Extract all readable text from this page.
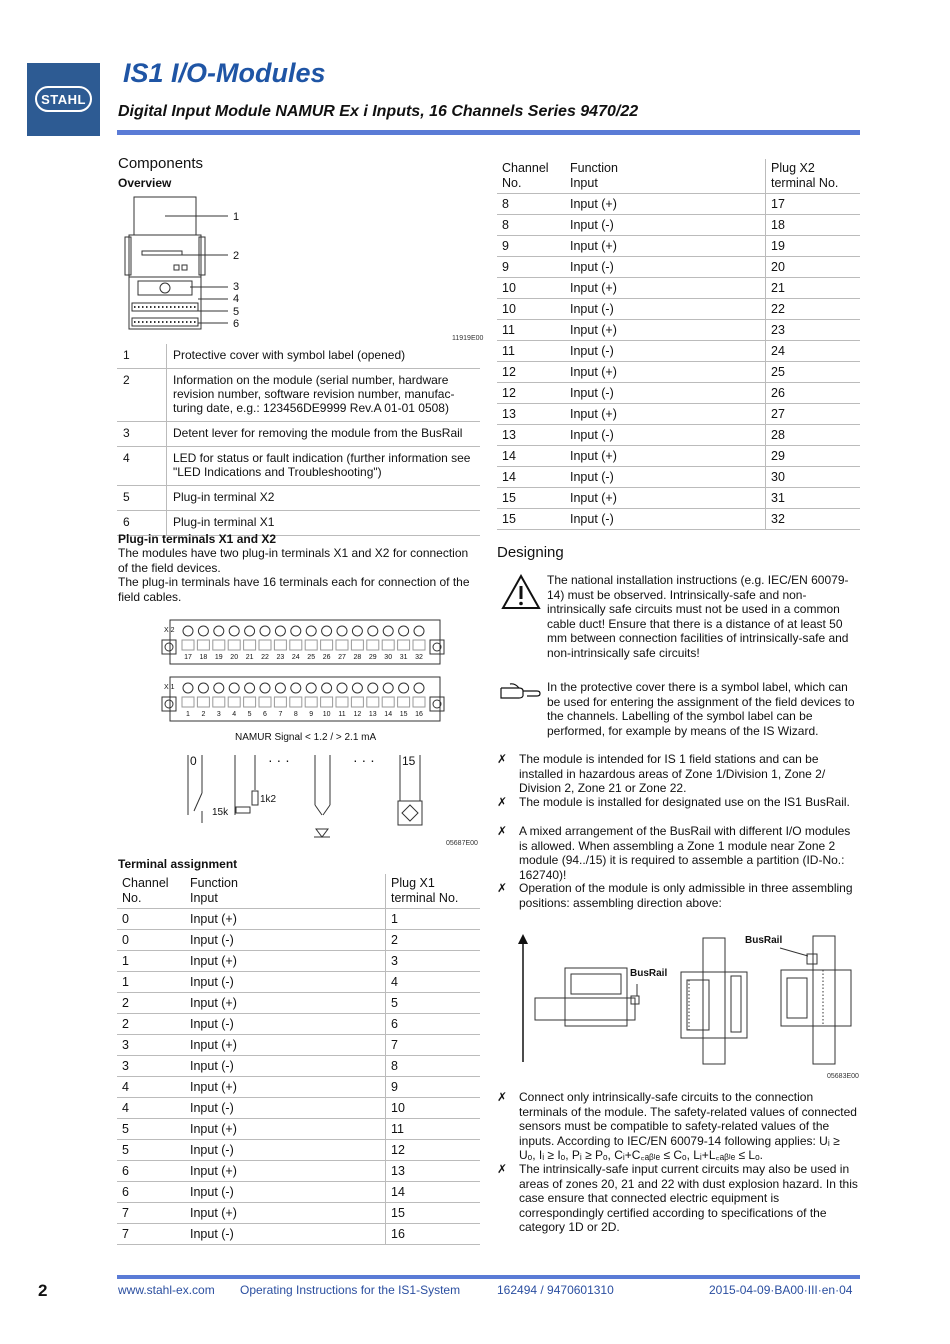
STAHL
IS1 I/O-Modules
Digital Input Module NAMUR Ex i Inputs, 16 Channels Series 9470/22
Components
Overview
1
2
3
4
5
6
11919E00
1	Protective cover with symbol label (opened)
2	Information on the module (serial number, hardware revision number, software revision number, manufac-turing date, e.g.: 123456DE9999 Rev.A 01-01 0508)
3	Detent lever for removing the module from the BusRail
4	LED for status or fault indication (further information see "LED Indications and Troubleshooting")
5	Plug-in terminal X2
6	Plug-in terminal X1
Plug-in terminals X1 and X2
The modules have two plug-in terminals X1 and X2 for connection of the field devices.
The plug-in terminals have 16 terminals each for connection of the field cables.
X 2
17 18 19 20 21 22 23 24 25 26 27 28 29 30 31 32
X 1
1 2 3 4 5 6 7 8 9 10 11 12 13 14 15 16
NAMUR Signal < 1.2 / > 2.1 mA
0	· · ·
15k
1k2
· · · 15
05687E00
Terminal assignment
Channel
No.	Function
Input	Plug X1
terminal No.
0	Input (+)	1
0	Input (-)	2
1	Input (+)	3
1	Input (-)	4
2	Input (+)	5
2	Input (-)	6
3	Input (+)	7
3	Input (-)	8
4	Input (+)	9
4	Input (-)	10
5	Input (+)	11
5	Input (-)	12
6	Input (+)	13
6	Input (-)	14
7	Input (+)	15
7	Input (-)	16
Channel
No.	Function
Input	Plug X2
terminal No.
8	Input (+)	17
8	Input (-)	18
9	Input (+)	19
9	Input (-)	20
10	Input (+)	21
10	Input (-)	22
11	Input (+)	23
11	Input (-)	24
12	Input (+)	25
12	Input (-)	26
13	Input (+)	27
13	Input (-)	28
14	Input (+)	29
14	Input (-)	30
15	Input (+)	31
15	Input (-)	32
Designing
The national installation instructions (e.g. IEC/EN 60079-14) must be observed. Intrinsically-safe and non-intrinsically safe circuits must not be used in a common cable duct! Ensure that there is a distance of at least 50 mm between connection facilities of intrinsically-safe and non-intrinsically safe circuits!
In the protective cover there is a symbol label, which can be used for entering the assignment of the field devices to the channels. Labelling of the symbol label can be performed, for example by means of the IS Wizard.
✗ The module is intended for IS 1 field stations and can be installed in hazardous areas of Zone 1/Division 1, Zone 2/ Division 2, Zone 21 or Zone 22.
✗ The module is installed for designated use on the IS1 BusRail.
✗ A mixed arrangement of the BusRail with different I/O modules is allowed. When assembling a Zone 1 module near Zone 2 module (94../15) it is required to assemble a partition (ID-No.: 162740)!
✗ Operation of the module is only admissible in three assembling positions: assembling direction above:
BusRail
BusRail
05683E00
✗ Connect only intrinsically-safe circuits to the connection terminals of the module. The safety-related values of connected sensors must be compatible to safety-related values of the inputs. According to IEC/EN 60079-14 following applies: Uᵢ ≥ Uₒ, Iᵢ ≥ Iₒ, Pᵢ ≥ Pₒ, Cᵢ+C꜀ₐᵦₗₑ ≤ Cₒ, Lᵢ+L꜀ₐᵦₗₑ ≤ Lₒ.
✗ The intrinsically-safe input current circuits may also be used in areas of zones 20, 21 and 22 with dust explosion hazard. In this case ensure that connected electric equipment is correspondingly certified according to specifications of the category 1D or 2D.
2	www.stahl-ex.com Operating Instructions for the IS1-System	162494 / 9470601310	2015-04-09·BA00·III·en·04
